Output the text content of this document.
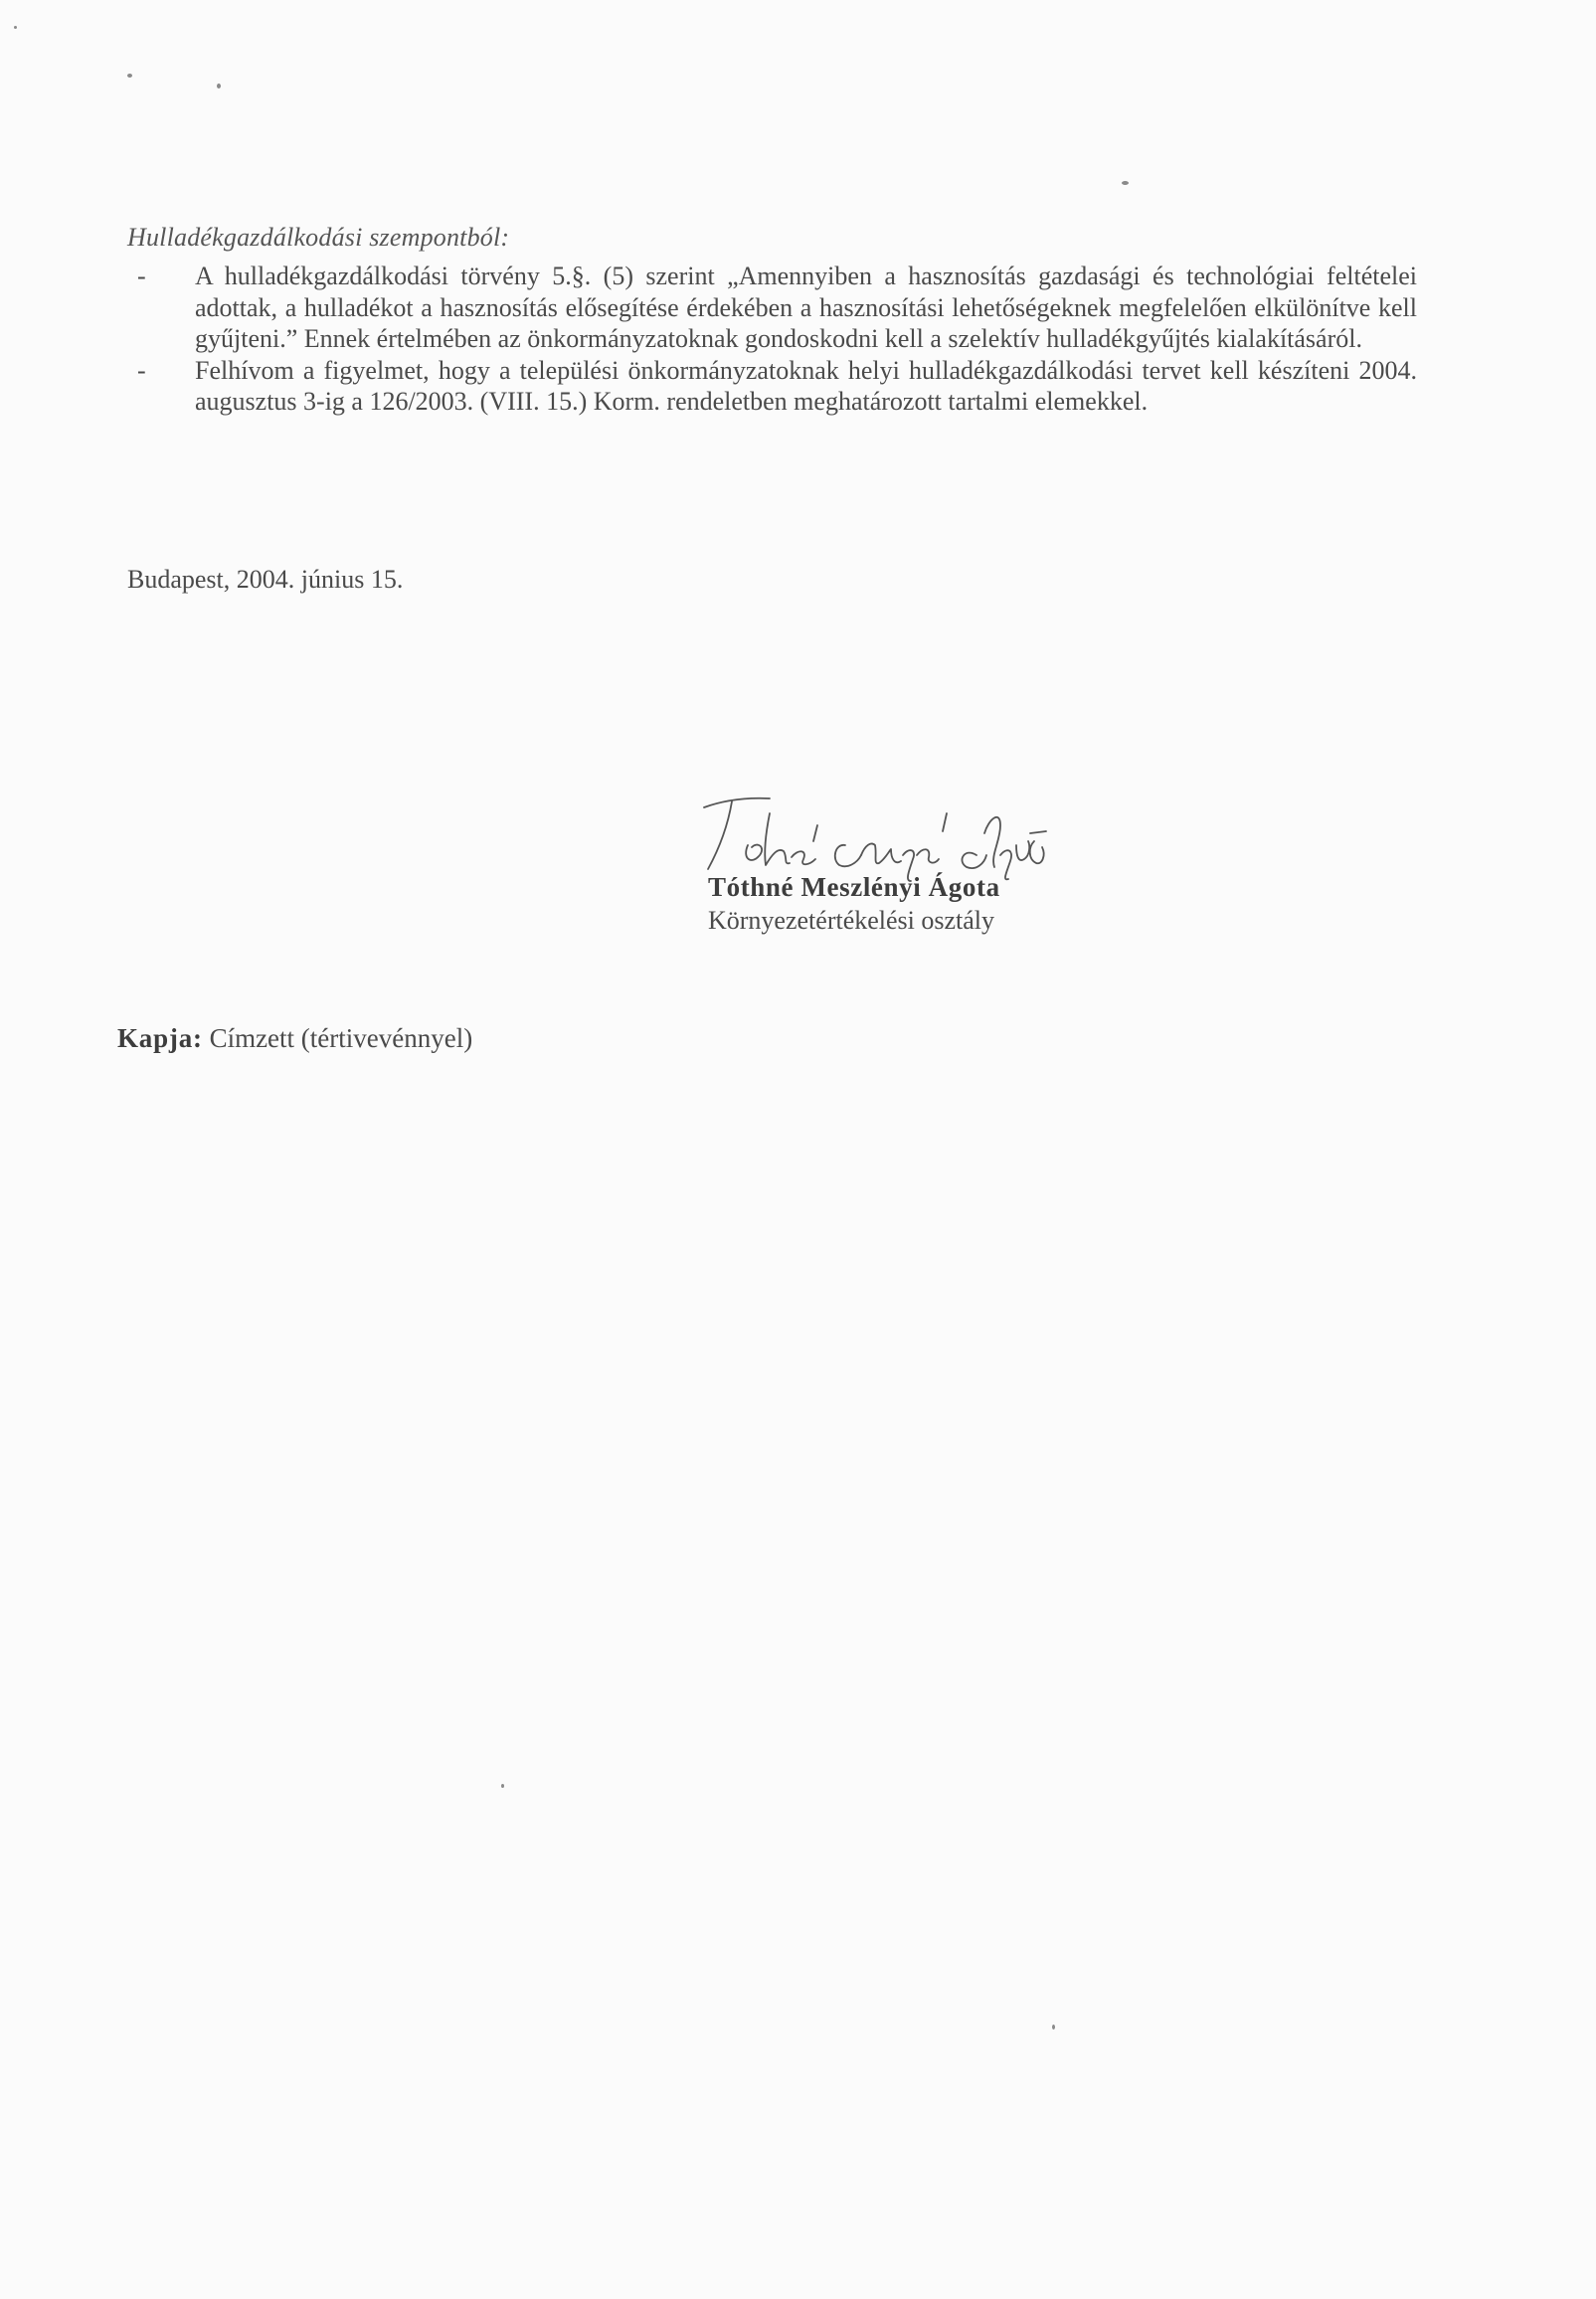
Hulladékgazdálkodási szempontból:
- A hulladékgazdálkodási törvény 5.§. (5) szerint „Amennyiben a hasznosítás gazdasági és technológiai feltételei adottak, a hulladékot a hasznosítás elősegítése érdekében a hasznosítási lehetőségeknek megfelelően elkülönítve kell gyűjteni.” Ennek értelmében az önkormányzatoknak gondoskodni kell a szelektív hulladékgyűjtés kialakításáról.
- Felhívom a figyelmet, hogy a települési önkormányzatoknak helyi hulladékgazdálkodási tervet kell készíteni 2004. augusztus 3-ig a 126/2003. (VIII. 15.) Korm. rendeletben meghatározott tartalmi elemekkel.
Budapest, 2004. június 15.
Tóthné Meszlényi Ágota
Környezetértékelési osztály
Kapja: Címzett (tértivevénnyel)
